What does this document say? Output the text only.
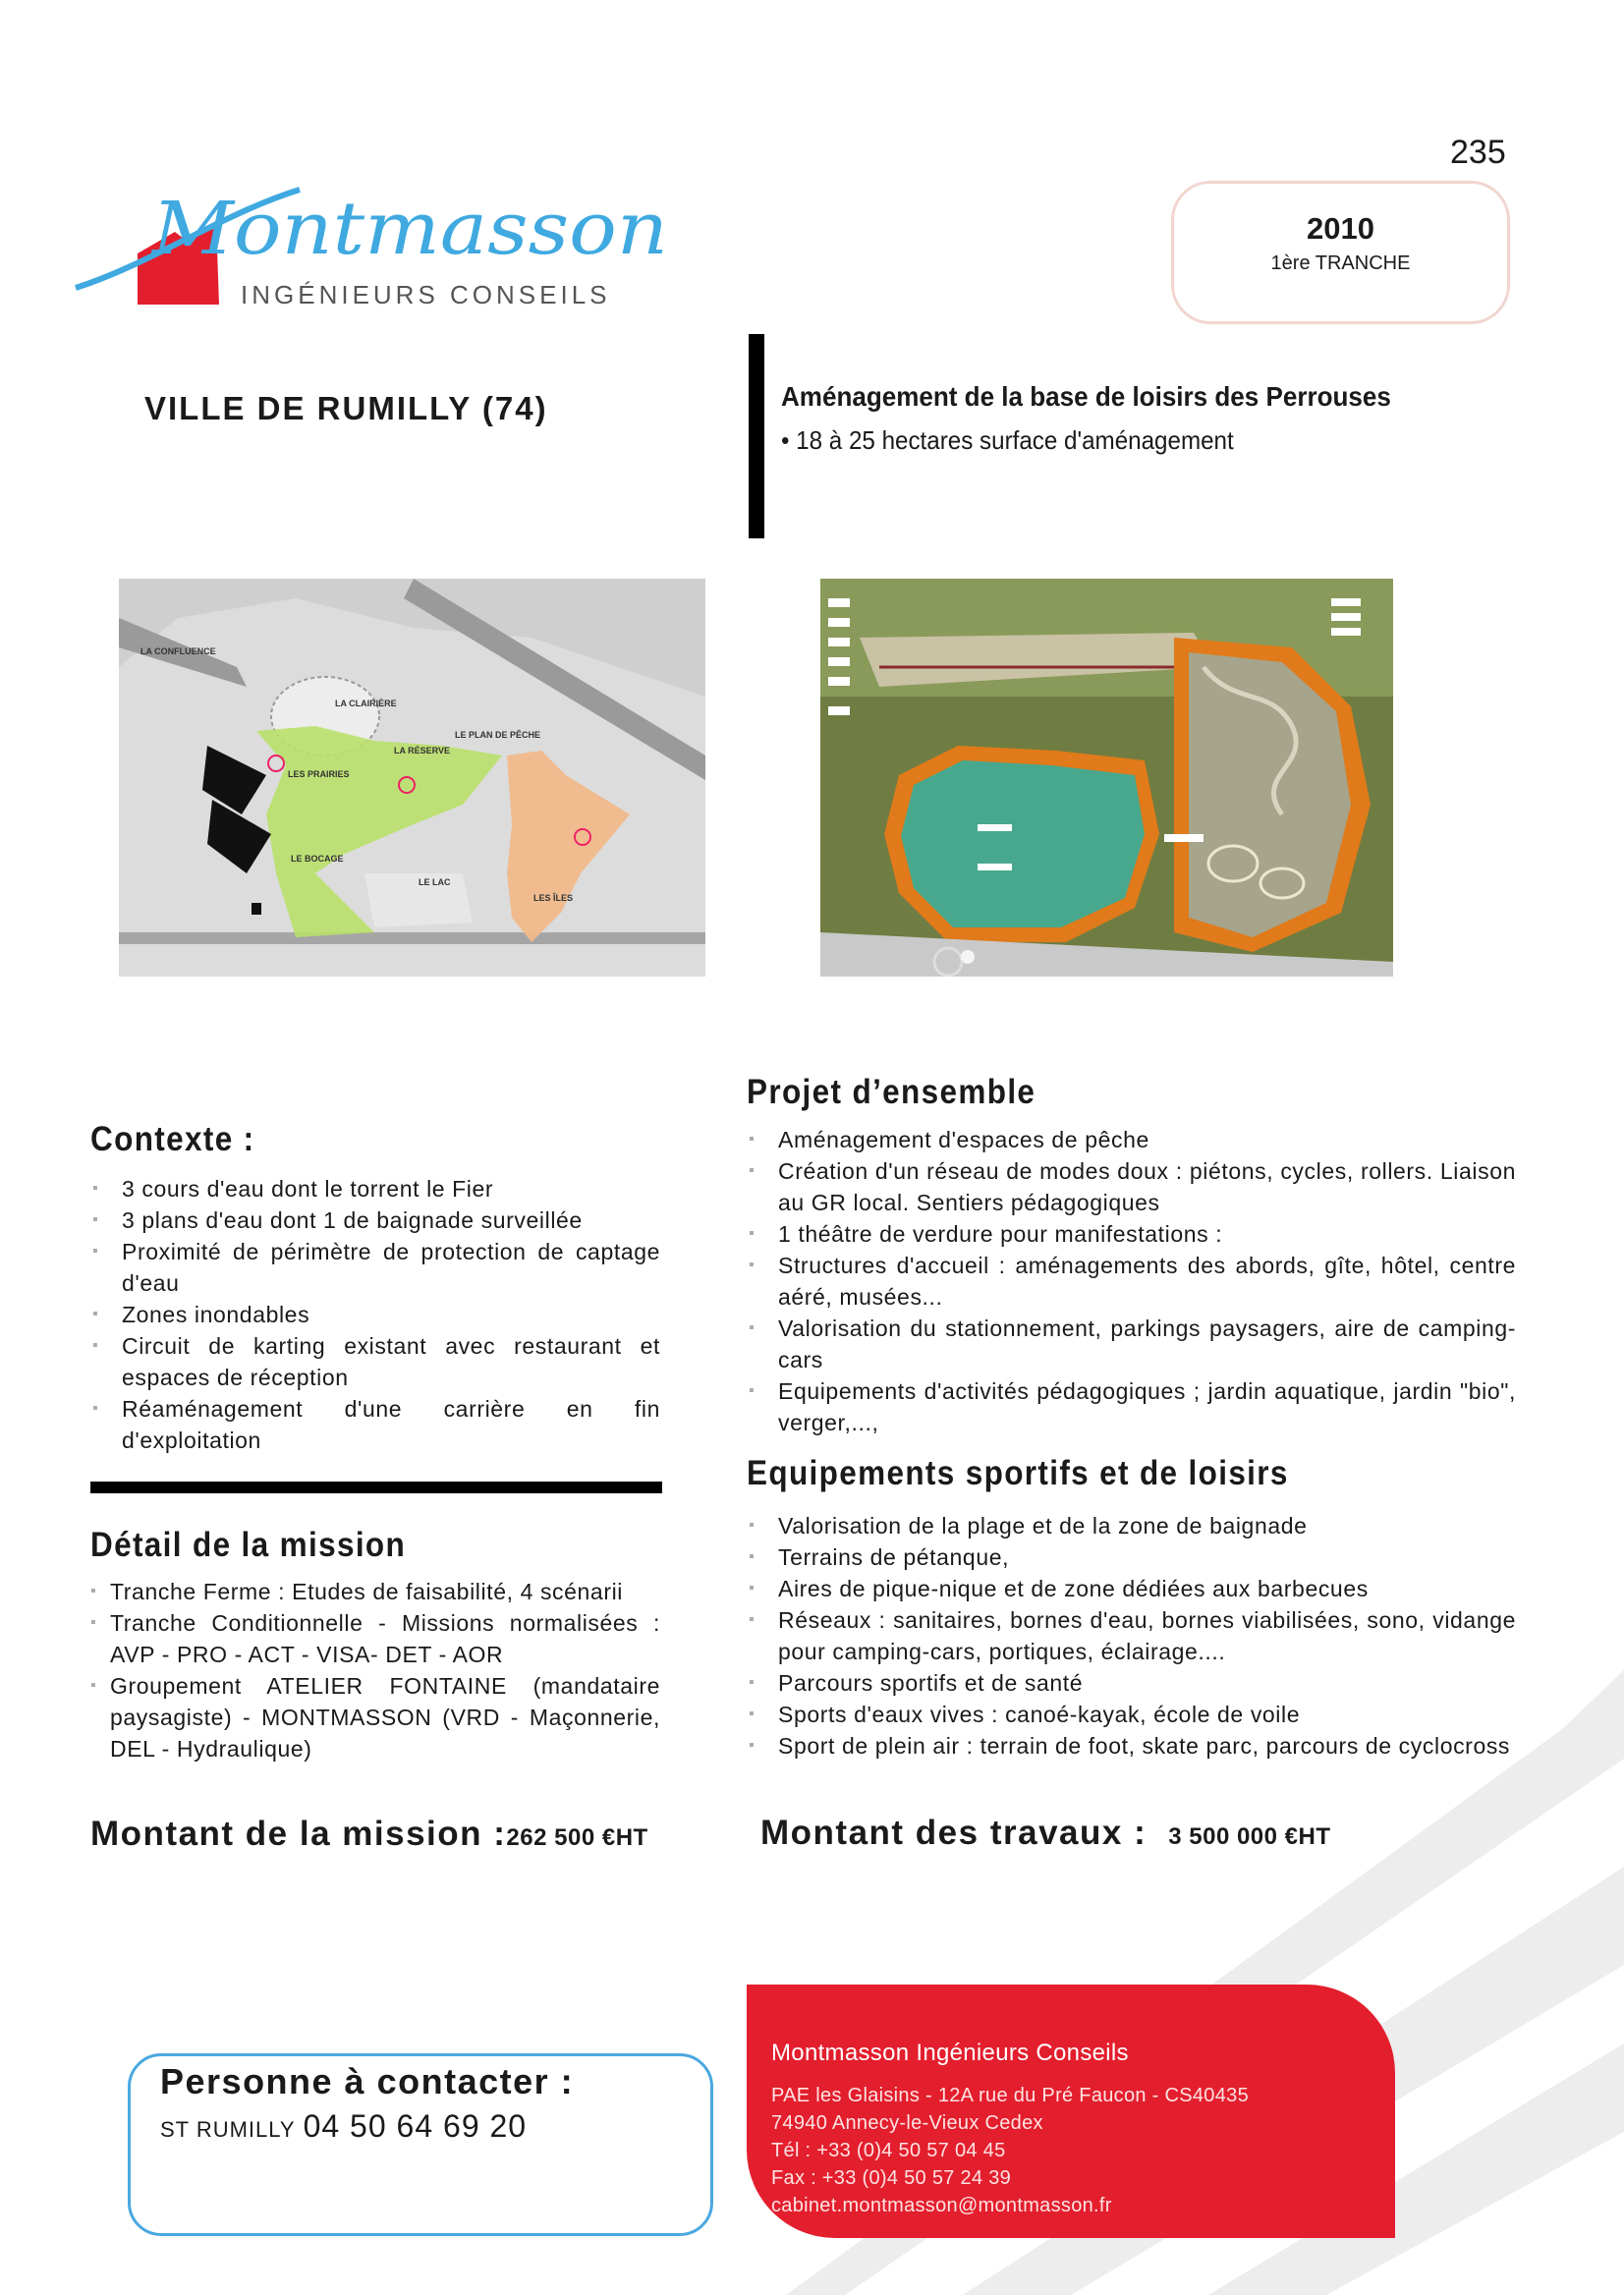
235
Montmasson
INGÉNIEURS CONSEILS
2010
1ère TRANCHE
VILLE DE RUMILLY (74)	Aménagement de la base de loisirs des Perrouses
• 18 à 25 hectares surface d'aménagement
LA CONFLUENCE
LA CLAIRIÈRE
LE PLAN DE PÊCHE
LA RÉSERVE
LES PRAIRIES
LE BOCAGE
LE LAC
LES ÎLES
Contexte :
▪ 3 cours d'eau dont le torrent le Fier
▪ 3 plans d'eau dont 1 de baignade surveillée
▪ Proximité de périmètre de protection de captage d'eau
▪ Zones inondables
▪ Circuit de karting existant avec restaurant et espaces de réception
▪ Réaménagement d'une carrière en fin d'exploitation
Détail de la mission
▪ Tranche Ferme : Etudes de faisabilité, 4 scénarii
▪ Tranche Conditionnelle - Missions normalisées : AVP - PRO - ACT - VISA- DET - AOR
▪ Groupement ATELIER FONTAINE (mandataire paysagiste) - MONTMASSON (VRD - Maçonnerie, DEL - Hydraulique)
Montant de la mission :262 500 €HT
Projet d’ensemble
▪ Aménagement d'espaces de pêche
▪ Création d'un réseau de modes doux : piétons, cycles, rollers. Liaison au GR local. Sentiers pédagogiques
▪ 1 théâtre de verdure pour manifestations :
▪ Structures d'accueil : aménagements des abords, gîte, hôtel, centre aéré, musées...
▪ Valorisation du stationnement, parkings paysagers, aire de camping-cars
▪ Equipements d'activités pédagogiques ; jardin aquatique, jardin "bio", verger,...,
Equipements sportifs et de loisirs
▪ Valorisation de la plage et de la zone de baignade
▪ Terrains de pétanque,
▪ Aires de pique-nique et de zone dédiées aux barbecues
▪ Réseaux : sanitaires, bornes d'eau, bornes viabilisées, sono, vidange pour camping-cars, portiques, éclairage....
▪ Parcours sportifs et de santé
▪ Sports d'eaux vives : canoé-kayak, école de voile
▪ Sport de plein air : terrain de foot, skate parc, parcours de cyclocross
Montant des travaux : 3 500 000 €HT
Personne à contacter :
ST RUMILLY 04 50 64 69 20
Montmasson Ingénieurs Conseils
PAE les Glaisins - 12A rue du Pré Faucon - CS40435
74940 Annecy-le-Vieux Cedex
Tél : +33 (0)4 50 57 04 45
Fax : +33 (0)4 50 57 24 39
cabinet.montmasson@montmasson.fr
